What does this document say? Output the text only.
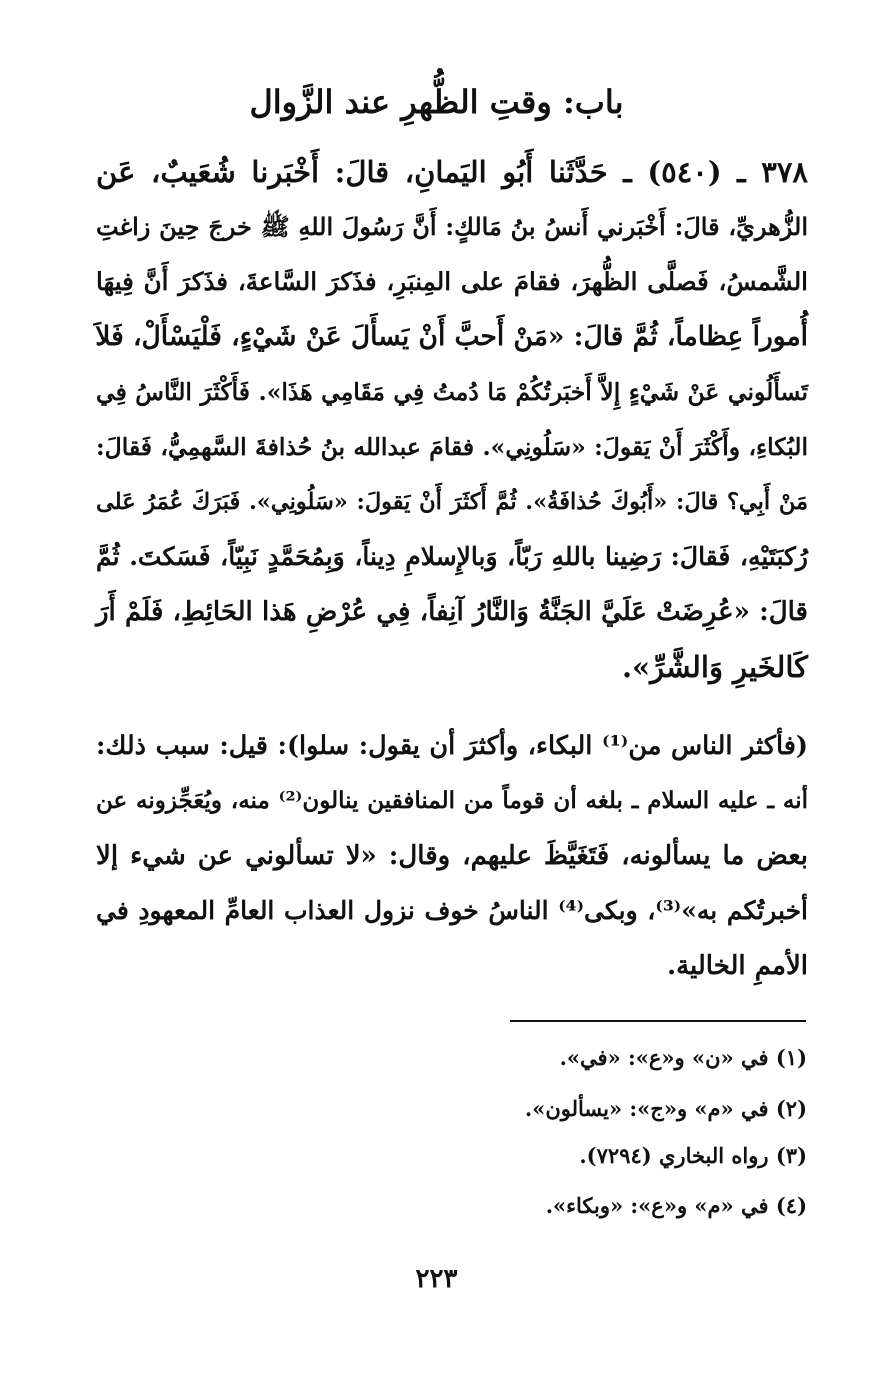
باب: وقتِ الظُّهرِ عند الزَّوال
٣٧٨ ـ (٥٤٠) ـ حَدَّثَنا أَبُو اليَمانِ، قالَ: أَخْبَرنا شُعَيبٌ، عَن
الزُّهريِّ، قالَ: أَخْبَرني أَنسُ بنُ مَالكٍ: أَنَّ رَسُولَ اللهِ ﷺ خرجَ حِينَ زاغتِ
الشَّمسُ، فَصلَّى الظُّهرَ، فقامَ على المِنبَرِ، فذَكرَ السَّاعةَ، فذَكرَ أَنَّ فِيهَا
أُموراً عِظاماً، ثُمَّ قالَ: «مَنْ أَحبَّ أَنْ يَسأَلَ عَنْ شَيْءٍ، فَلْيَسْأَلْ، فَلاَ
تَسأَلُوني عَنْ شَيْءٍ إِلاَّ أَخبَرتُكُمْ مَا دُمتُ فِي مَقَامِي هَذَا». فَأَكْثَرَ النَّاسُ فِي
البُكاءِ، وأَكْثَرَ أَنْ يَقولَ: «سَلُونِي». فقامَ عبدالله بنُ حُذافةَ السَّهمِيُّ، فَقالَ:
مَنْ أَبِي؟ قالَ: «أَبُوكَ حُذافَةُ». ثُمَّ أَكثَرَ أَنْ يَقولَ: «سَلُونِي». فَبَرَكَ عُمَرُ عَلى
رُكبَتَيْهِ، فَقالَ: رَضِينا باللهِ رَبّاً، وَبالإِسلامِ دِيناً، وَبِمُحَمَّدٍ نَبِيّاً، فَسَكتَ. ثُمَّ
قالَ: «عُرِضَتْ عَلَيَّ الجَنَّةُ وَالنَّارُ آنِفاً، فِي عُرْضِ هَذا الحَائِطِ، فَلَمْ أَرَ
كَالخَيرِ وَالشَّرِّ».
(فأكثر الناس من⁽¹⁾ البكاء، وأكثرَ أن يقول: سلوا): قيل: سبب ذلك:
أنه ـ عليه السلام ـ بلغه أن قوماً من المنافقين ينالون⁽²⁾ منه، ويُعَجِّزونه عن
بعض ما يسألونه، فَتَغَيَّظَ عليهم، وقال: «لا تسألوني عن شيء إلا
أخبرتُكم به»⁽³⁾، وبكى⁽⁴⁾ الناسُ خوف نزول العذاب العامِّ المعهودِ في
الأممِ الخالية.
(١) في «ن» و«ع»: «في».
(٢) في «م» و«ج»: «يسألون».
(٣) رواه البخاري (٧٢٩٤).
(٤) في «م» و«ع»: «وبكاء».
٢٢٣
